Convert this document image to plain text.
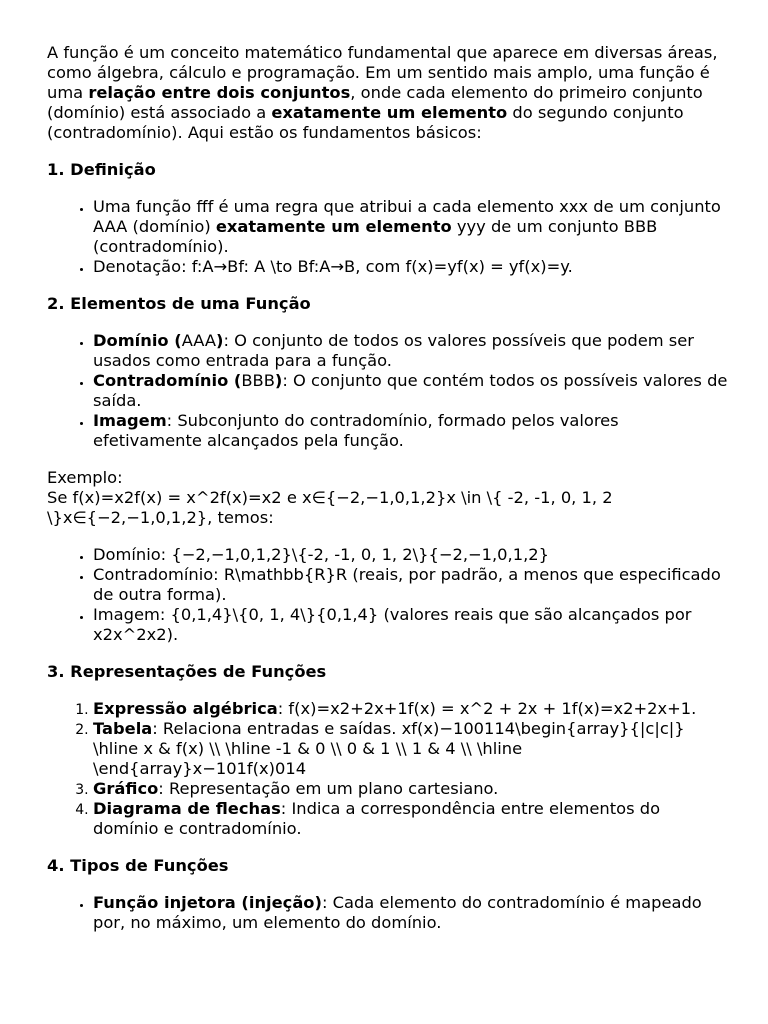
A função é um conceito matemático fundamental que aparece em diversas áreas, como álgebra, cálculo e programação. Em um sentido mais amplo, uma função é uma relação entre dois conjuntos, onde cada elemento do primeiro conjunto (domínio) está associado a exatamente um elemento do segundo conjunto (contradomínio). Aqui estão os fundamentos básicos:

1. Definição
• Uma função fff é uma regra que atribui a cada elemento xxx de um conjunto AAA (domínio) exatamente um elemento yyy de um conjunto BBB (contradomínio).
• Denotação: f:A→Bf: A \to Bf:A→B, com f(x)=yf(x) = yf(x)=y.
2. Elementos de uma Função
• Domínio (AAA): O conjunto de todos os valores possíveis que podem ser usados como entrada para a função.
• Contradomínio (BBB): O conjunto que contém todos os possíveis valores de saída.
• Imagem: Subconjunto do contradomínio, formado pelos valores efetivamente alcançados pela função.

Exemplo:
Se f(x)=x2f(x) = x^2f(x)=x2 e x∈{−2,−1,0,1,2}x \in \{ -2, -1, 0, 1, 2 \}x∈{−2,−1,0,1,2}, temos:

• Domínio: {−2,−1,0,1,2}\{-2, -1, 0, 1, 2\}{−2,−1,0,1,2}
• Contradomínio: R\mathbb{R}R (reais, por padrão, a menos que especificado de outra forma).
• Imagem: {0,1,4}\{0, 1, 4\}{0,1,4} (valores reais que são alcançados por x2x^2x2).
3. Representações de Funções
1. Expressão algébrica: f(x)=x2+2x+1f(x) = x^2 + 2x + 1f(x)=x2+2x+1.
2. Tabela: Relaciona entradas e saídas. xf(x)−100114\begin{array}{|c|c|} \hline x & f(x) \\ \hline -1 & 0 \\ 0 & 1 \\ 1 & 4 \\ \hline \end{array}x−101f(x)014
3. Gráfico: Representação em um plano cartesiano.
4. Diagrama de flechas: Indica a correspondência entre elementos do domínio e contradomínio.
4. Tipos de Funções
• Função injetora (injeção): Cada elemento do contradomínio é mapeado por, no máximo, um elemento do domínio.
